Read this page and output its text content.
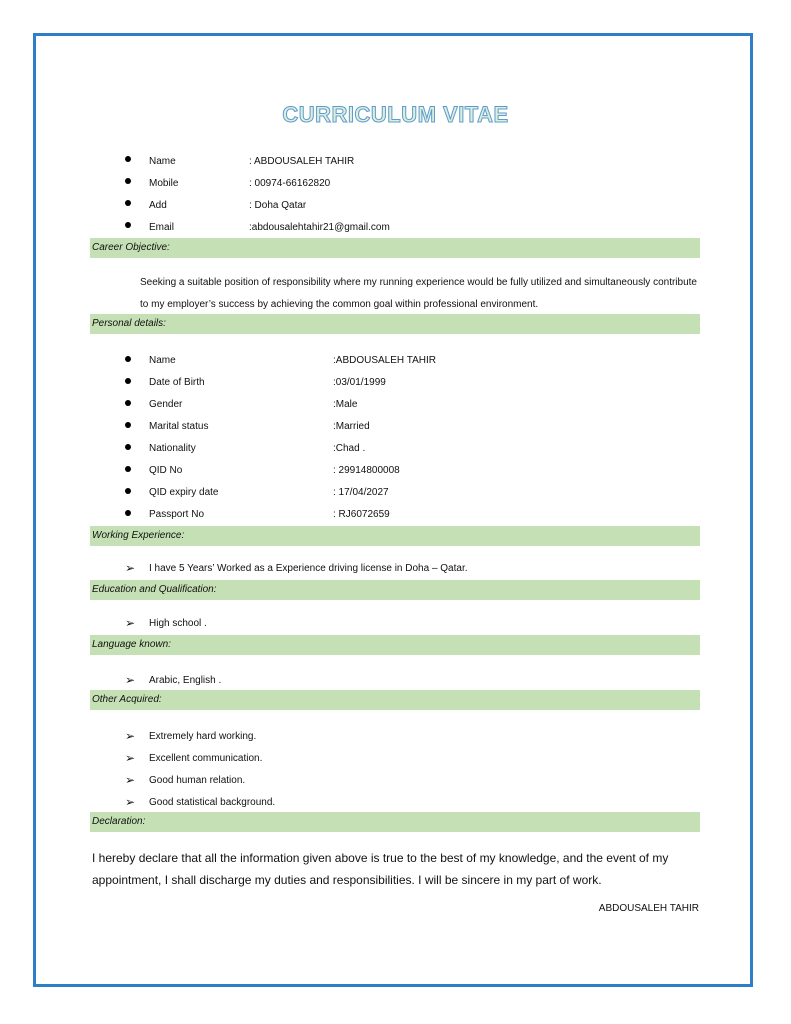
CURRICULUM VITAE
Name	: ABDOUSALEH TAHIR
Mobile	: 00974-66162820
Add	: Doha Qatar
Email	:abdousalehtahir21@gmail.com
Career Objective:
Seeking a suitable position of responsibility where my running experience would be fully utilized and simultaneously contribute to my employer’s success by achieving the common goal within professional environment.
Personal details:
Name	:ABDOUSALEH TAHIR
Date of Birth	:03/01/1999
Gender	:Male
Marital status	:Married
Nationality	:Chad .
QID No	: 29914800008
QID expiry date	: 17/04/2027
Passport No	: RJ6072659
Working Experience:
➢ I have 5 Years’ Worked as a Experience driving license in Doha – Qatar.
Education and Qualification:
➢ High school .
Language known:
➢ Arabic, English .
Other Acquired:
➢ Extremely hard working.
➢ Excellent communication.
➢ Good human relation.
➢ Good statistical background.
Declaration:
I hereby declare that all the information given above is true to the best of my knowledge, and the event of my appointment, I shall discharge my duties and responsibilities. I will be sincere in my part of work.
ABDOUSALEH TAHIR
